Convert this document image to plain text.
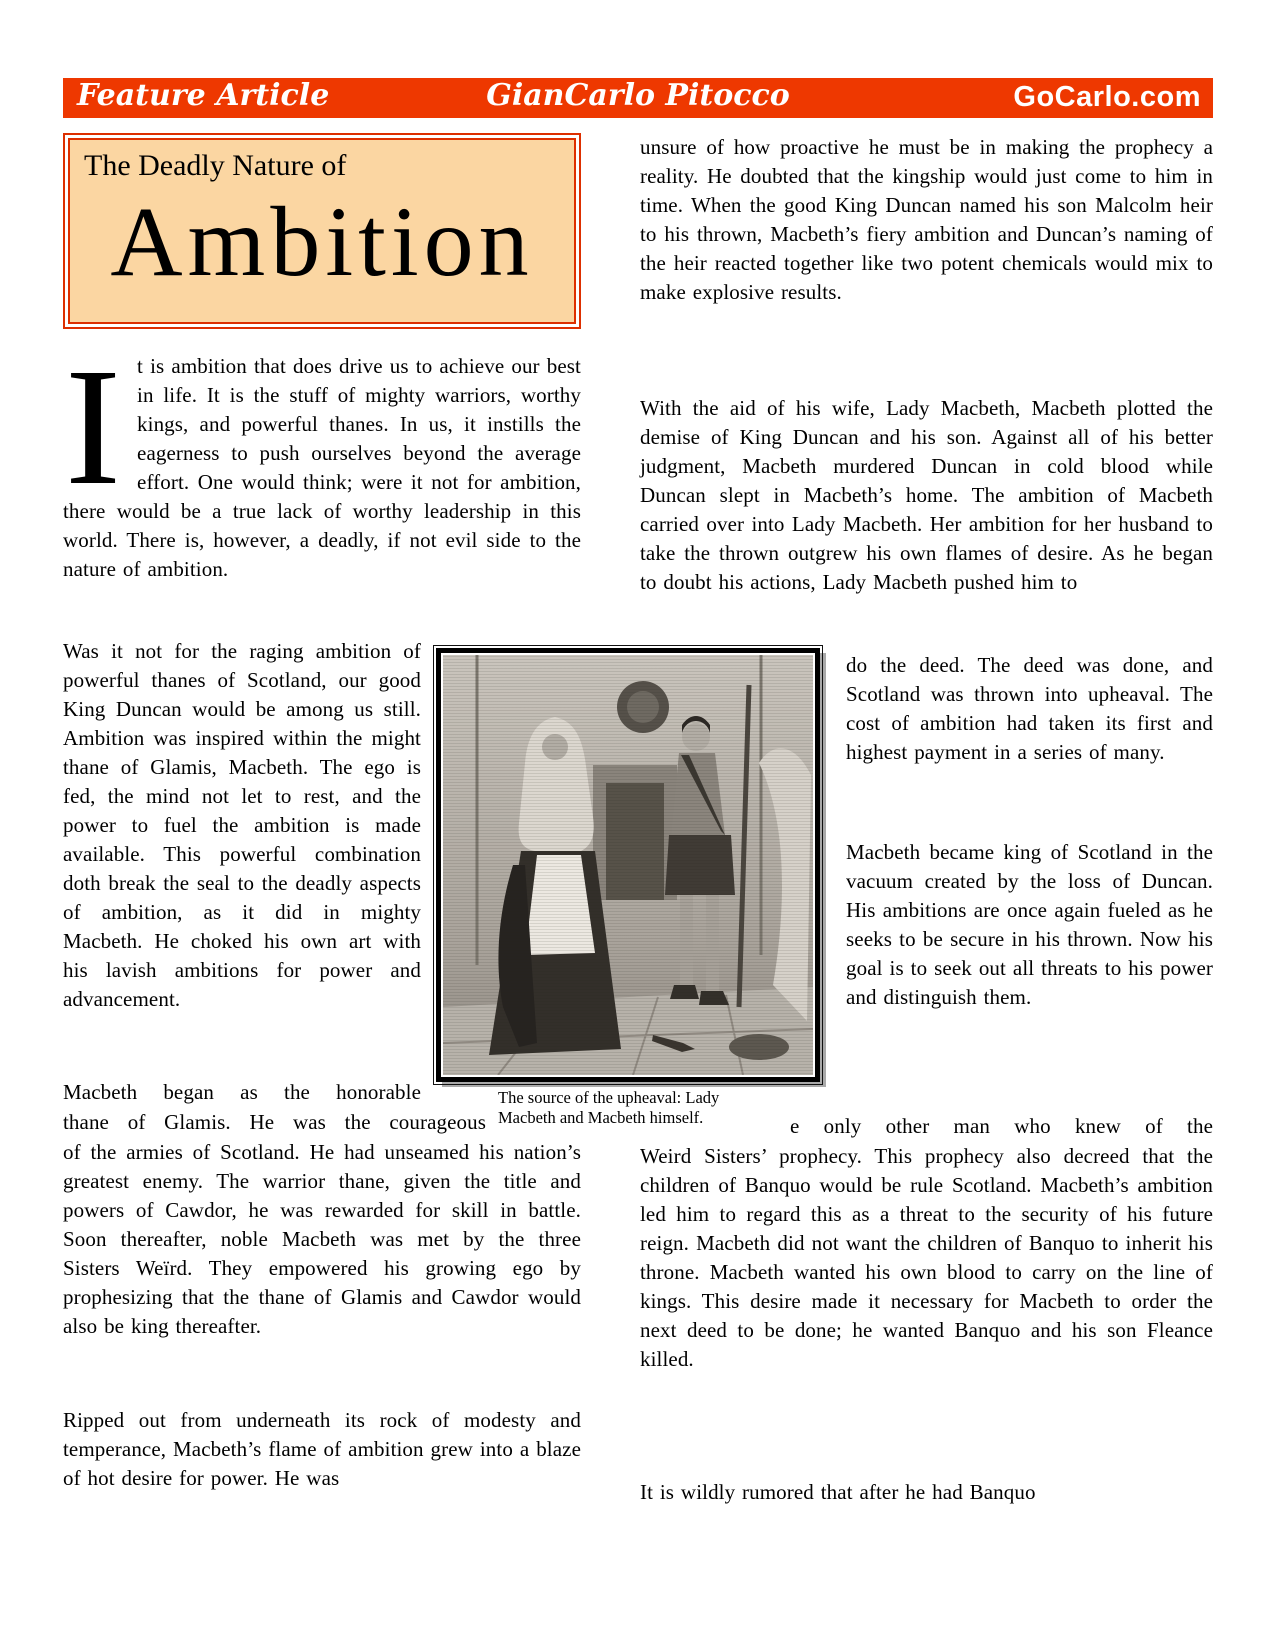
Feature Article	GianCarlo Pitocco	GoCarlo.com
The Deadly Nature of
Ambition
It is ambition that does drive us to achieve our best in life. It is the stuff of mighty warriors, worthy kings, and powerful thanes. In us, it instills the eagerness to push ourselves beyond the average effort. One would think; were it not for ambition, there would be a true lack of worthy leadership in this world. There is, however, a deadly, if not evil side to the nature of ambition.
Was it not for the raging ambition of powerful thanes of Scotland, our good King Duncan would be among us still. Ambition was inspired within the might thane of Glamis, Macbeth. The ego is fed, the mind not let to rest, and the power to fuel the ambition is made available. This powerful combination doth break the seal to the deadly aspects of ambition, as it did in mighty Macbeth. He choked his own art with his lavish ambitions for power and advancement.
Macbeth began as the honorable
thane of Glamis. He was the courageous
of the armies of Scotland. He had unseamed his nation’s greatest enemy. The warrior thane, given the title and powers of Cawdor, he was rewarded for skill in battle. Soon thereafter, noble Macbeth was met by the three Sisters Weïrd. They empowered his growing ego by prophesizing that the thane of Glamis and Cawdor would also be king thereafter.
Ripped out from underneath its rock of modesty and temperance, Macbeth’s flame of ambition grew into a blaze of hot desire for power. He was
unsure of how proactive he must be in making the prophecy a reality. He doubted that the kingship would just come to him in time. When the good King Duncan named his son Malcolm heir to his thrown, Macbeth’s fiery ambition and Duncan’s naming of the heir reacted together like two potent chemicals would mix to make explosive results.
With the aid of his wife, Lady Macbeth, Macbeth plotted the demise of King Duncan and his son. Against all of his better judgment, Macbeth murdered Duncan in cold blood while Duncan slept in Macbeth’s home. The ambition of Macbeth carried over into Lady Macbeth. Her ambition for her husband to take the thrown outgrew his own flames of desire. As he began to doubt his actions, Lady Macbeth pushed him to
do the deed. The deed was done, and Scotland was thrown into upheaval. The cost of ambition had taken its first and highest payment in a series of many.
Macbeth became king of Scotland in the vacuum created by the loss of Duncan. His ambitions are once again fueled as he seeks to be secure in his thrown. Now his goal is to seek out all threats to his power and distinguish them.
e only other man who knew of the
Weird Sisters’ prophecy. This prophecy also decreed that the children of Banquo would be rule Scotland. Macbeth’s ambition led him to regard this as a threat to the security of his future reign. Macbeth did not want the children of Banquo to inherit his throne. Macbeth wanted his own blood to carry on the line of kings. This desire made it necessary for Macbeth to order the next deed to be done; he wanted Banquo and his son Fleance killed.
It is wildly rumored that after he had Banquo
The source of the upheaval: Lady Macbeth and Macbeth himself.
